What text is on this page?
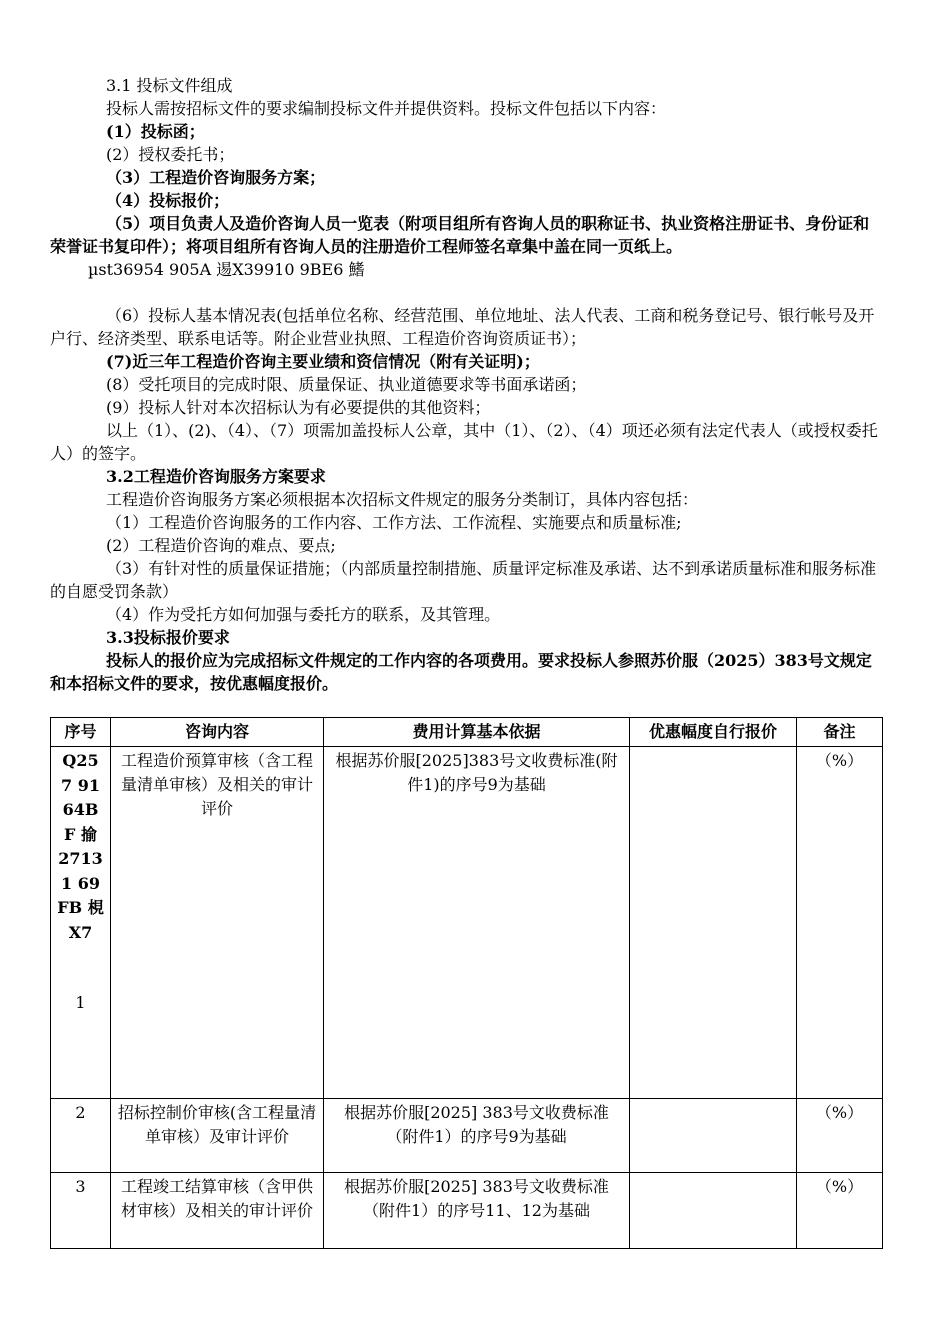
3.1 投标文件组成
投标人需按招标文件的要求编制投标文件并提供资料。投标文件包括以下内容：
(1）投标函；
(2）授权委托书；
（3）工程造价咨询服务方案；
（4）投标报价；
（5）项目负责人及造价咨询人员一览表（附项目组所有咨询人员的职称证书、执业资格注册证书、身份证和荣誉证书复印件）；将项目组所有咨询人员的注册造价工程师签名章集中盖在同一页纸上。
µst36954 905A 逷X39910 9BE6 鰭
（6）投标人基本情况表(包括单位名称、经营范围、单位地址、法人代表、工商和税务登记号、银行帐号及开户行、经济类型、联系电话等。附企业营业执照、工程造价咨询资质证书）；
(7)近三年工程造价咨询主要业绩和资信情况（附有关证明)；
(8）受托项目的完成时限、质量保证、执业道德要求等书面承诺函；
(9）投标人针对本次招标认为有必要提供的其他资料；
以上（1）、(2)、（4）、（7）项需加盖投标人公章，其中（1）、（2）、（4）项还必须有法定代表人（或授权委托人）的签字。
3.2工程造价咨询服务方案要求
工程造价咨询服务方案必须根据本次招标文件规定的服务分类制订，具体内容包括：
（1）工程造价咨询服务的工作内容、工作方法、工作流程、实施要点和质量标准;
(2）工程造价咨询的难点、要点;
（3）有针对性的质量保证措施；（内部质量控制措施、质量评定标准及承诺、达不到承诺质量标准和服务标准的自愿受罚条款）
（4）作为受托方如何加强与委托方的联系，及其管理。
3.3投标报价要求
投标人的报价应为完成招标文件规定的工作内容的各项费用。要求投标人参照苏价服（2025）383号文规定和本招标文件的要求，按优惠幅度报价。
序号	咨询内容	费用计算基本依据	优惠幅度自行报价	备注

Q257 91 64BF 揄 2713 1 69FB 梘 X7
1	工程造价预算审核（含工程量清单审核）及相关的审计评价	根据苏价服[2025]383号文收费标准(附件1)的序号9为基础		（%）
2	招标控制价审核(含工程量清单审核）及审计评价	根据苏价服[2025] 383号文收费标准（附件1）的序号9为基础		（%）
3	工程竣工结算审核（含甲供材审核）及相关的审计评价	根据苏价服[2025] 383号文收费标准（附件1）的序号11、12为基础		（%）
